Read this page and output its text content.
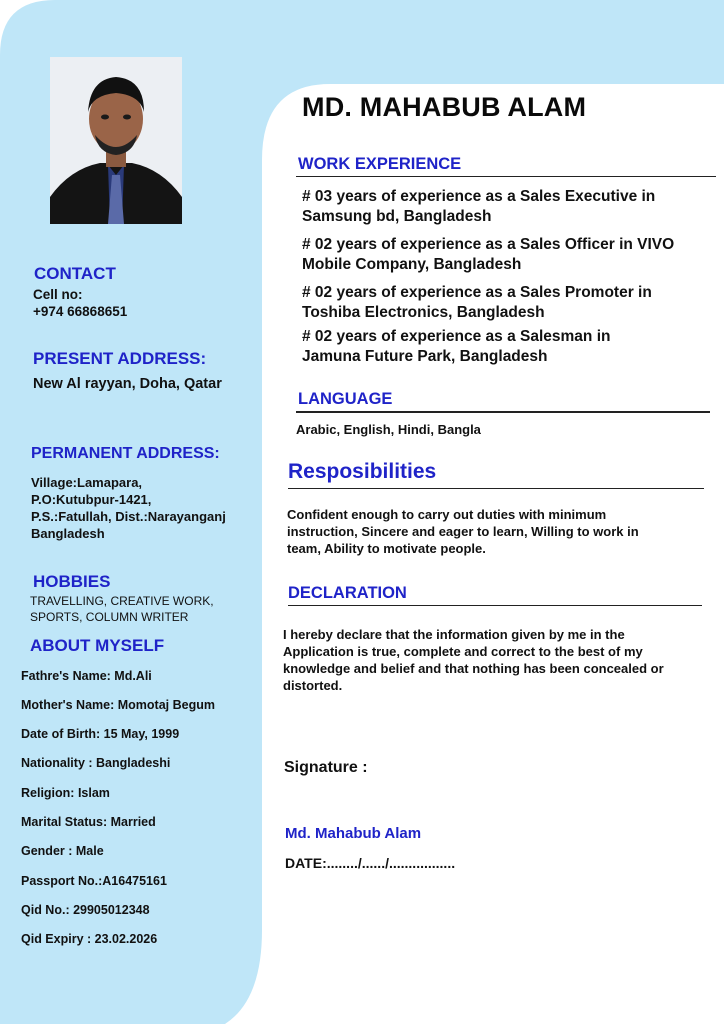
MD. MAHABUB ALAM
CONTACT
Cell no:
+974 66868651
PRESENT ADDRESS:
New Al rayyan, Doha, Qatar
PERMANENT ADDRESS:
Village:Lamapara,
P.O:Kutubpur-1421,
P.S.:Fatullah, Dist.:Narayanganj
Bangladesh
HOBBIES
TRAVELLING, CREATIVE WORK,
SPORTS, COLUMN WRITER
ABOUT MYSELF
Fathre's Name: Md.Ali
Mother's Name: Momotaj Begum
Date of Birth: 15 May, 1999
Nationality : Bangladeshi
Religion: Islam
Marital Status: Married
Gender : Male
Passport No.:A16475161
Qid No.: 29905012348
Qid Expiry : 23.02.2026
WORK EXPERIENCE
# 03 years of experience as a Sales Executive in
Samsung bd, Bangladesh
# 02 years of experience as a Sales Officer in VIVO
Mobile Company, Bangladesh
# 02 years of experience as a Sales Promoter in
Toshiba Electronics, Bangladesh
# 02 years of experience as a Salesman in
Jamuna Future Park, Bangladesh
LANGUAGE
Arabic, English, Hindi, Bangla
Resposibilities
Confident enough to carry out duties with minimum
instruction, Sincere and eager to learn, Willing to work in
team, Ability to motivate people.
DECLARATION
I hereby declare that the information given by me in the
Application is true, complete and correct to the best of my
knowledge and belief and that nothing has been concealed or
distorted.
Signature :
Md. Mahabub Alam
DATE:......../....../.................
